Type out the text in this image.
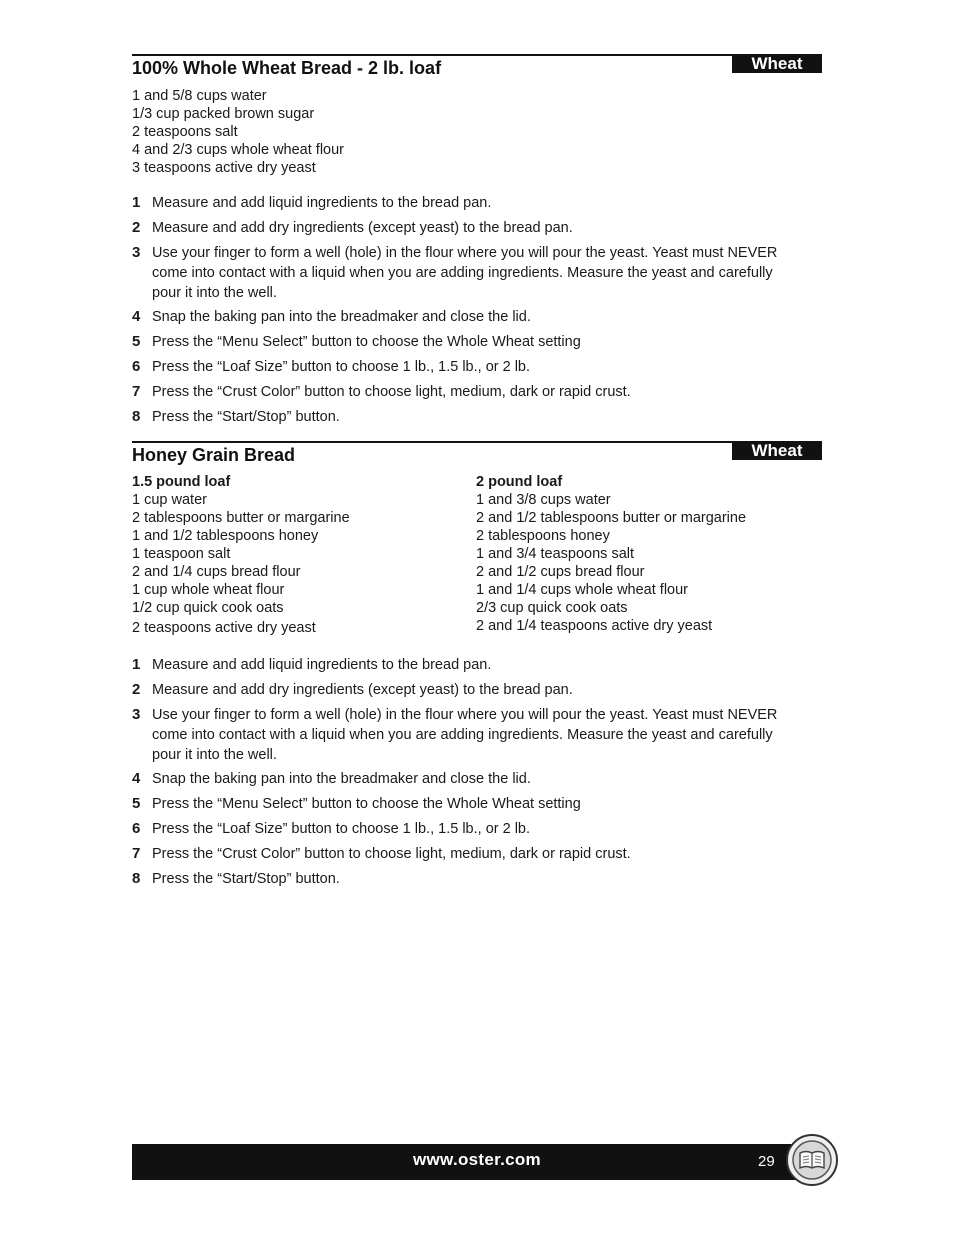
Wheat
100% Whole Wheat Bread - 2 lb. loaf
1 and 5/8 cups water
1/3 cup packed brown sugar
2 teaspoons salt
4 and 2/3 cups whole wheat flour
3 teaspoons active dry yeast
1 Measure and add liquid ingredients to the bread pan.
2 Measure and add dry ingredients (except yeast) to the bread pan.
3 Use your finger to form a well (hole) in the flour where you will pour the yeast. Yeast must NEVER come into contact with a liquid when you are adding ingredients. Measure the yeast and carefully pour it into the well.
4 Snap the baking pan into the breadmaker and close the lid.
5 Press the “Menu Select” button to choose the Whole Wheat setting
6 Press the “Loaf Size” button to choose 1 lb., 1.5 lb., or 2 lb.
7 Press the “Crust Color” button to choose light, medium, dark or rapid crust.
8 Press the “Start/Stop” button.
Wheat
Honey Grain Bread
1.5 pound loaf
1 cup water
2 tablespoons butter or margarine
1 and 1/2 tablespoons honey
1 teaspoon salt
2 and 1/4 cups bread flour
1 cup whole wheat flour
1/2 cup quick cook oats
2 teaspoons active dry yeast
2 pound loaf
1 and 3/8 cups water
2 and 1/2 tablespoons butter or margarine
2 tablespoons honey
1 and 3/4 teaspoons salt
2 and 1/2 cups bread flour
1 and 1/4 cups whole wheat flour
2/3 cup quick cook oats
2 and 1/4 teaspoons active dry yeast
1 Measure and add liquid ingredients to the bread pan.
2 Measure and add dry ingredients (except yeast) to the bread pan.
3 Use your finger to form a well (hole) in the flour where you will pour the yeast. Yeast must NEVER come into contact with a liquid when you are adding ingredients. Measure the yeast and carefully pour it into the well.
4 Snap the baking pan into the breadmaker and close the lid.
5 Press the “Menu Select” button to choose the Whole Wheat setting
6 Press the “Loaf Size” button to choose 1 lb., 1.5 lb., or 2 lb.
7 Press the “Crust Color” button to choose light, medium, dark or rapid crust.
8 Press the “Start/Stop” button.
www.oster.com	29
